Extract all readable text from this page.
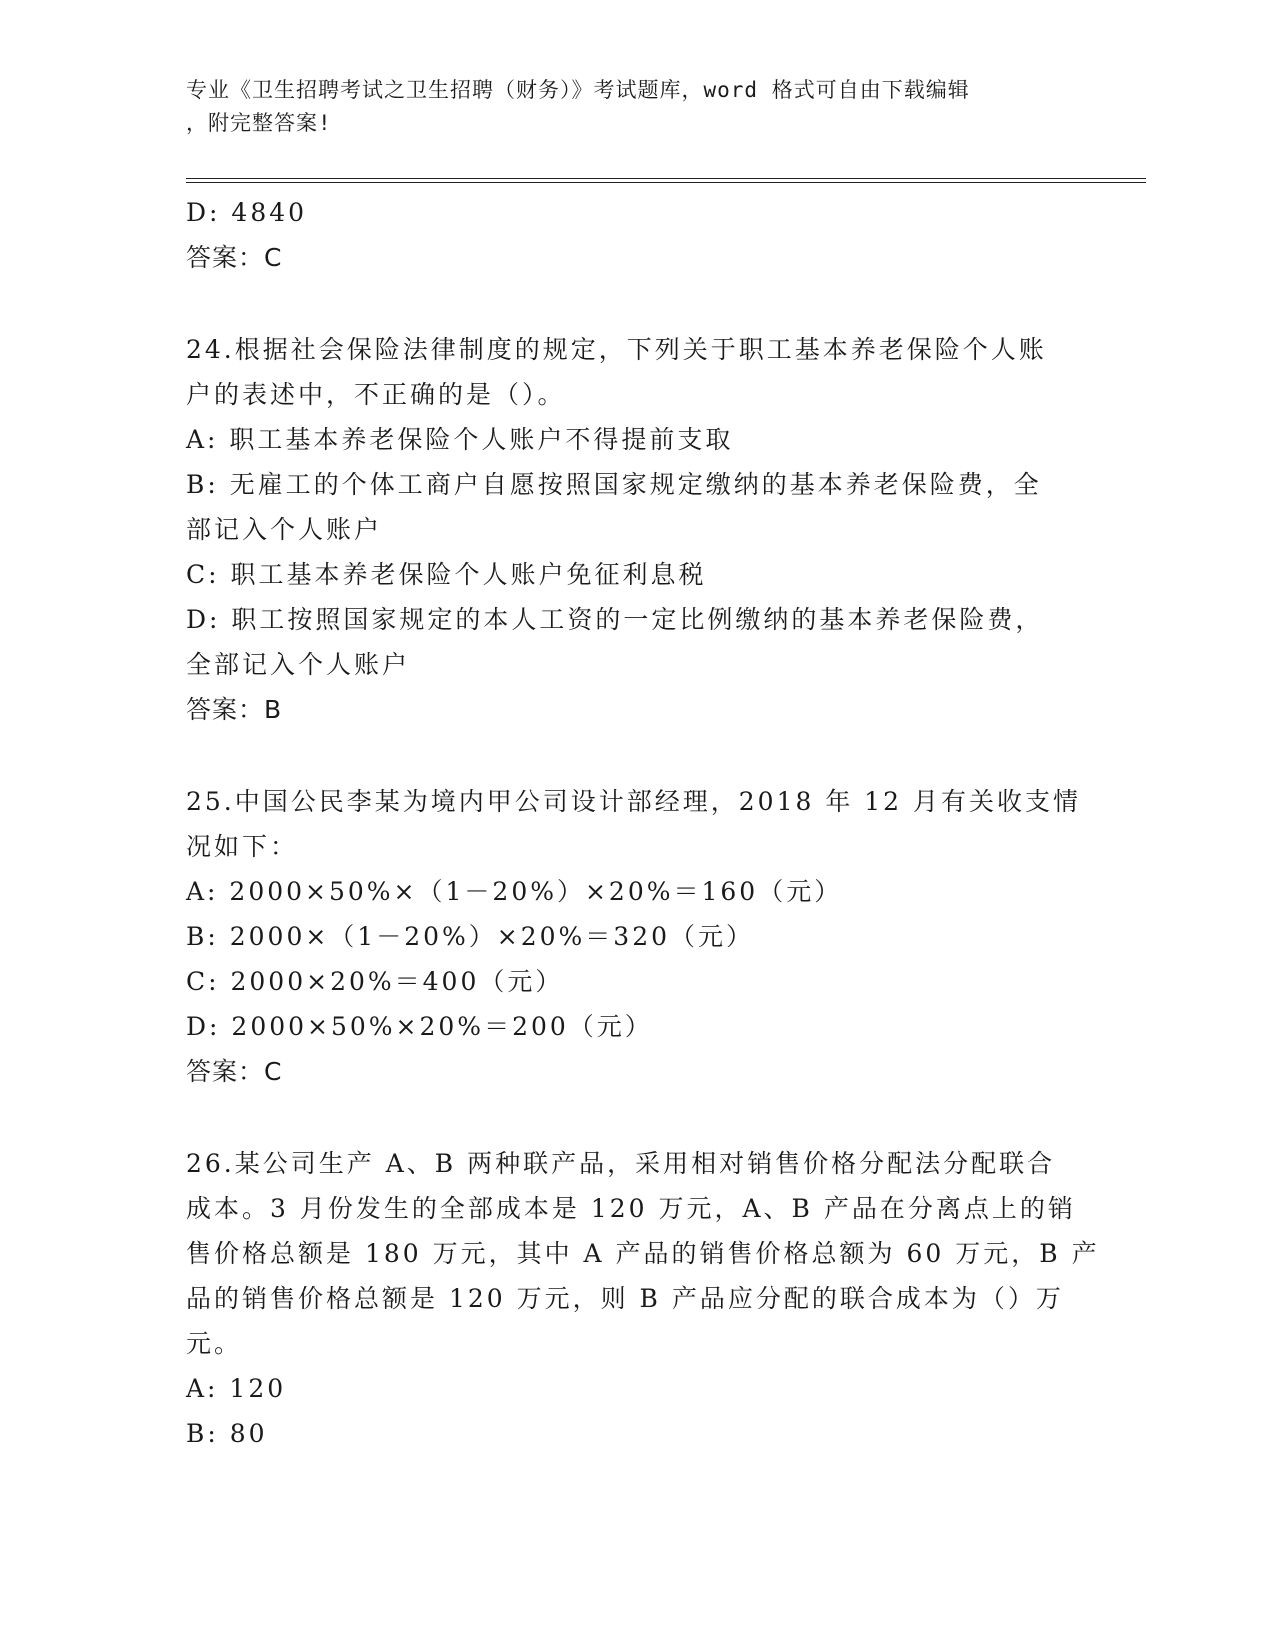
专业《卫生招聘考试之卫生招聘（财务）》考试题库，word 格式可自由下载编辑
，附完整答案!
D: 4840
答案：C
24.根据社会保险法律制度的规定，下列关于职工基本养老保险个人账
户的表述中，不正确的是（）。
A: 职工基本养老保险个人账户不得提前支取
B: 无雇工的个体工商户自愿按照国家规定缴纳的基本养老保险费，全
部记入个人账户
C: 职工基本养老保险个人账户免征利息税
D: 职工按照国家规定的本人工资的一定比例缴纳的基本养老保险费，
全部记入个人账户
答案：B
25.中国公民李某为境内甲公司设计部经理，2018 年 12 月有关收支情
况如下：
A: 2000×50%×（1－20%）×20%＝160（元）
B: 2000×（1－20%）×20%＝320（元）
C: 2000×20%＝400（元）
D: 2000×50%×20%＝200（元）
答案：C
26.某公司生产 A、B 两种联产品，采用相对销售价格分配法分配联合
成本。3 月份发生的全部成本是 120 万元，A、B 产品在分离点上的销
售价格总额是 180 万元，其中 A 产品的销售价格总额为 60 万元，B 产
品的销售价格总额是 120 万元，则 B 产品应分配的联合成本为（）万
元。
A: 120
B: 80
